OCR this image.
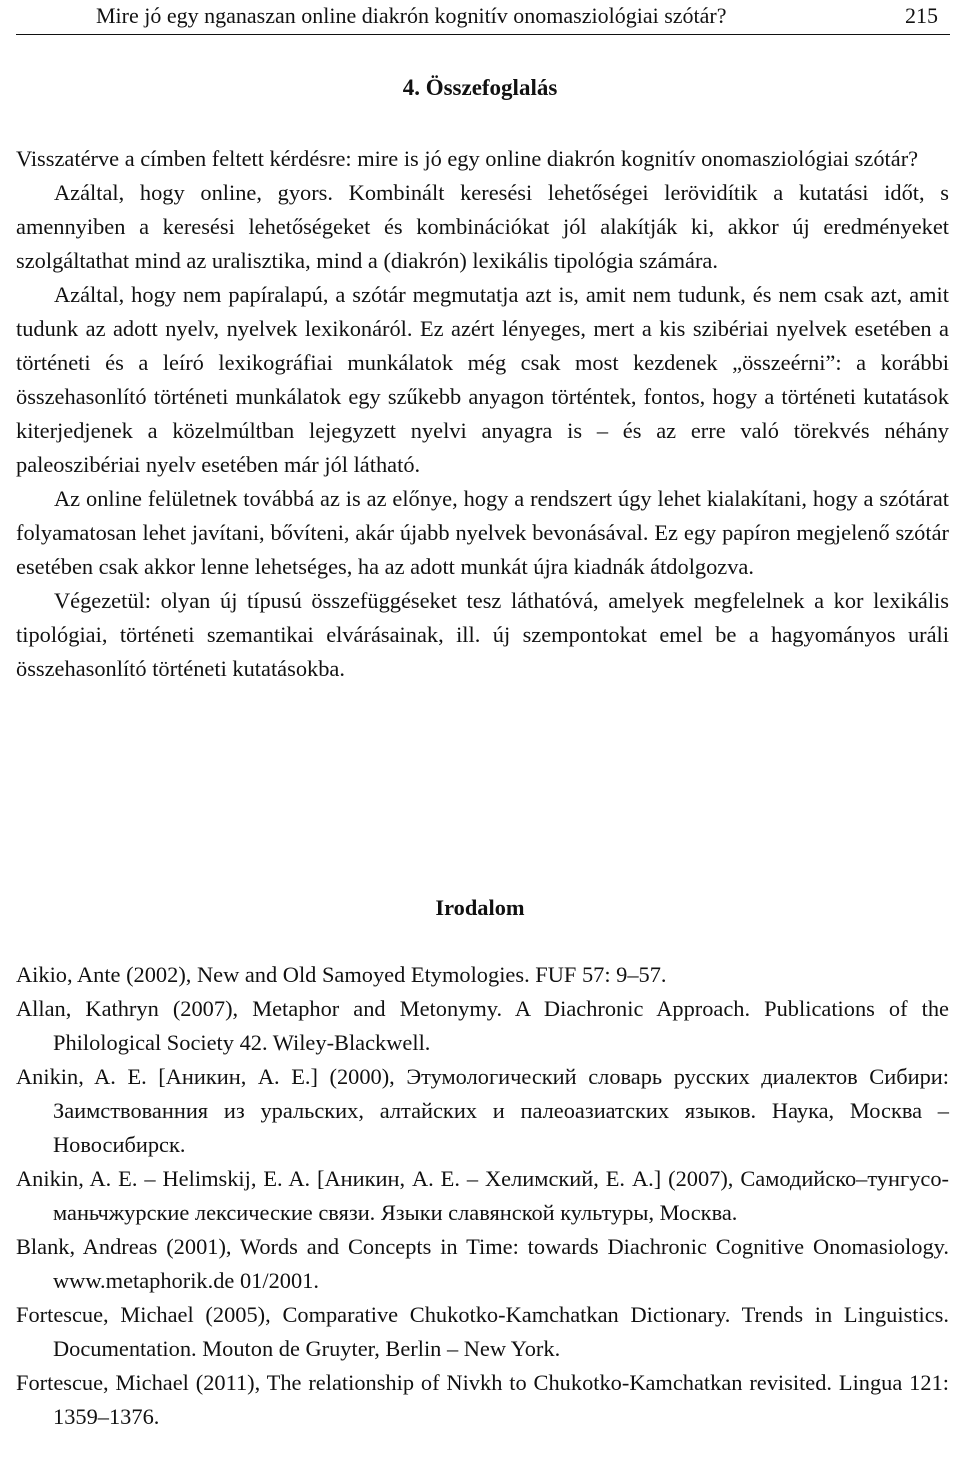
Mire jó egy nganaszan online diakrón kognitív onomasziológiai szótár?	215
4. Összefoglalás

Visszatérve a címben feltett kérdésre: mire is jó egy online diakrón kognitív onomasziológiai szótár?

Azáltal, hogy online, gyors. Kombinált keresési lehetőségei lerövidítik a kutatási időt, s amennyiben a keresési lehetőségeket és kombinációkat jól alakítják ki, akkor új eredményeket szolgáltathat mind az uralisztika, mind a (diakrón) lexikális tipológia számára.

Azáltal, hogy nem papíralapú, a szótár megmutatja azt is, amit nem tudunk, és nem csak azt, amit tudunk az adott nyelv, nyelvek lexikonáról. Ez azért lényeges, mert a kis szibériai nyelvek esetében a történeti és a leíró lexikográfiai munkálatok még csak most kezdenek „összeérni”: a korábbi összehasonlító történeti munkálatok egy szűkebb anyagon történtek, fontos, hogy a történeti kutatások kiterjedjenek a közelmúltban lejegyzett nyelvi anyagra is – és az erre való törekvés néhány paleoszibériai nyelv esetében már jól látható.

Az online felületnek továbbá az is az előnye, hogy a rendszert úgy lehet kialakítani, hogy a szótárat folyamatosan lehet javítani, bővíteni, akár újabb nyelvek bevonásával. Ez egy papíron megjelenő szótár esetében csak akkor lenne lehetséges, ha az adott munkát újra kiadnák átdolgozva.

Végezetül: olyan új típusú összefüggéseket tesz láthatóvá, amelyek megfelelnek a kor lexikális tipológiai, történeti szemantikai elvárásainak, ill. új szempontokat emel be a hagyományos uráli összehasonlító történeti kutatásokba.

Irodalom

Aikio, Ante (2002), New and Old Samoyed Etymologies. FUF 57: 9–57.

Allan, Kathryn (2007), Metaphor and Metonymy. A Diachronic Approach. Publications of the Philological Society 42. Wiley-Blackwell.

Anikin, A. E. [Аникин, А. Е.] (2000), Этумологический словарь русских диалектов Сибири: Заимствованния из уральских, алтайских и палеоазиатских языков. Наука, Москва – Новосибирск.

Anikin, A. E. – Helimskij, E. A. [Аникин, А. Е. – Хелимский, Е. А.] (2007), Самодийско–тунгусо-маньчжурские лексические связи. Языки славянской культуры, Москва.

Blank, Andreas (2001), Words and Concepts in Time: towards Diachronic Cognitive Onomasiology. www.metaphorik.de 01/2001.

Fortescue, Michael (2005), Comparative Chukotko-Kamchatkan Dictionary. Trends in Linguistics. Documentation. Mouton de Gruyter, Berlin – New York.

Fortescue, Michael (2011), The relationship of Nivkh to Chukotko-Kamchatkan revisited. Lingua 121: 1359–1376.
